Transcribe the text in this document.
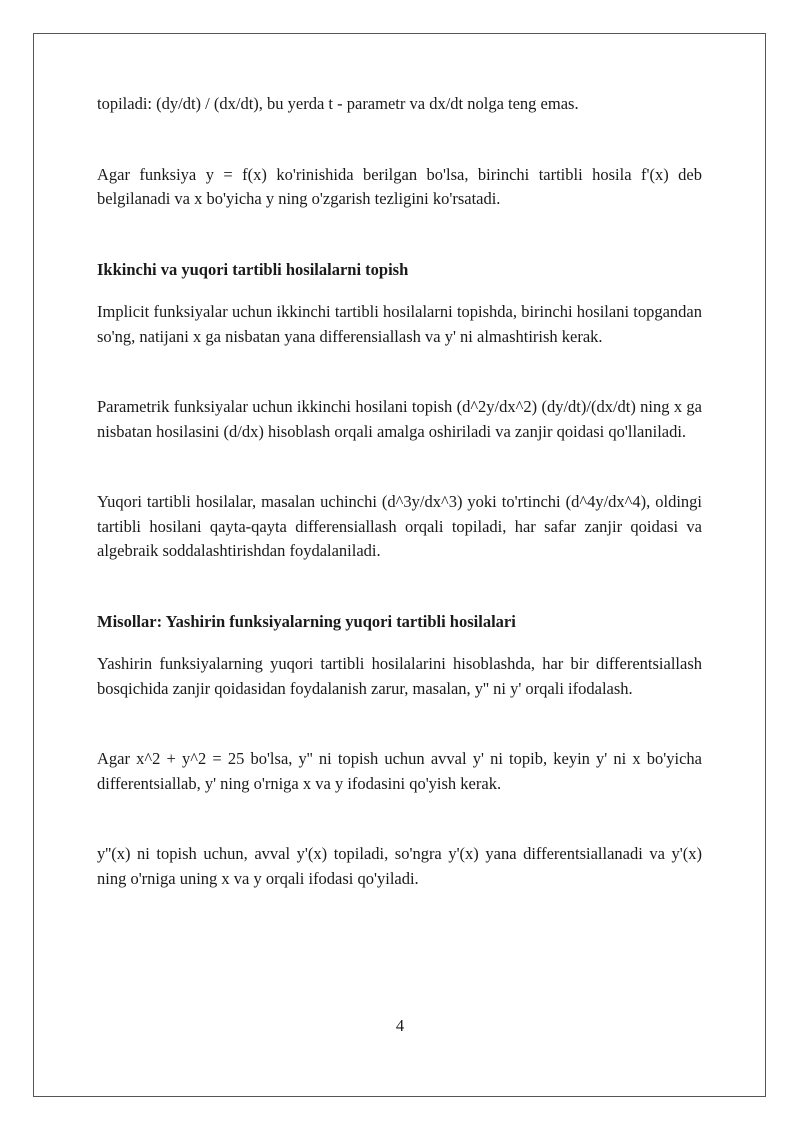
topiladi: (dy/dt) / (dx/dt), bu yerda t - parametr va dx/dt nolga teng emas.

Agar funksiya y = f(x) ko'rinishida berilgan bo'lsa, birinchi tartibli hosila f'(x) deb belgilanadi va x bo'yicha y ning o'zgarish tezligini ko'rsatadi.

Ikkinchi va yuqori tartibli hosilalarni topish

Implicit funksiyalar uchun ikkinchi tartibli hosilalarni topishda, birinchi hosilani topgandan so'ng, natijani x ga nisbatan yana differensiallash va y' ni almashtirish kerak.

Parametrik funksiyalar uchun ikkinchi hosilani topish (d^2y/dx^2) (dy/dt)/(dx/dt) ning x ga nisbatan hosilasini (d/dx) hisoblash orqali amalga oshiriladi va zanjir qoidasi qo'llaniladi.

Yuqori tartibli hosilalar, masalan uchinchi (d^3y/dx^3) yoki to'rtinchi (d^4y/dx^4), oldingi tartibli hosilani qayta-qayta differensiallash orqali topiladi, har safar zanjir qoidasi va algebraik soddalashtirishdan foydalaniladi.

Misollar: Yashirin funksiyalarning yuqori tartibli hosilalari

Yashirin funksiyalarning yuqori tartibli hosilalarini hisoblashda, har bir differentsiallash bosqichida zanjir qoidasidan foydalanish zarur, masalan, y'' ni y' orqali ifodalash.

Agar x^2 + y^2 = 25 bo'lsa, y'' ni topish uchun avval y' ni topib, keyin y' ni x bo'yicha differentsiallab, y' ning o'rniga x va y ifodasini qo'yish kerak.

y''(x) ni topish uchun, avval y'(x) topiladi, so'ngra y'(x) yana differentsiallanadi va y'(x) ning o'rniga uning x va y orqali ifodasi qo'yiladi.

4
